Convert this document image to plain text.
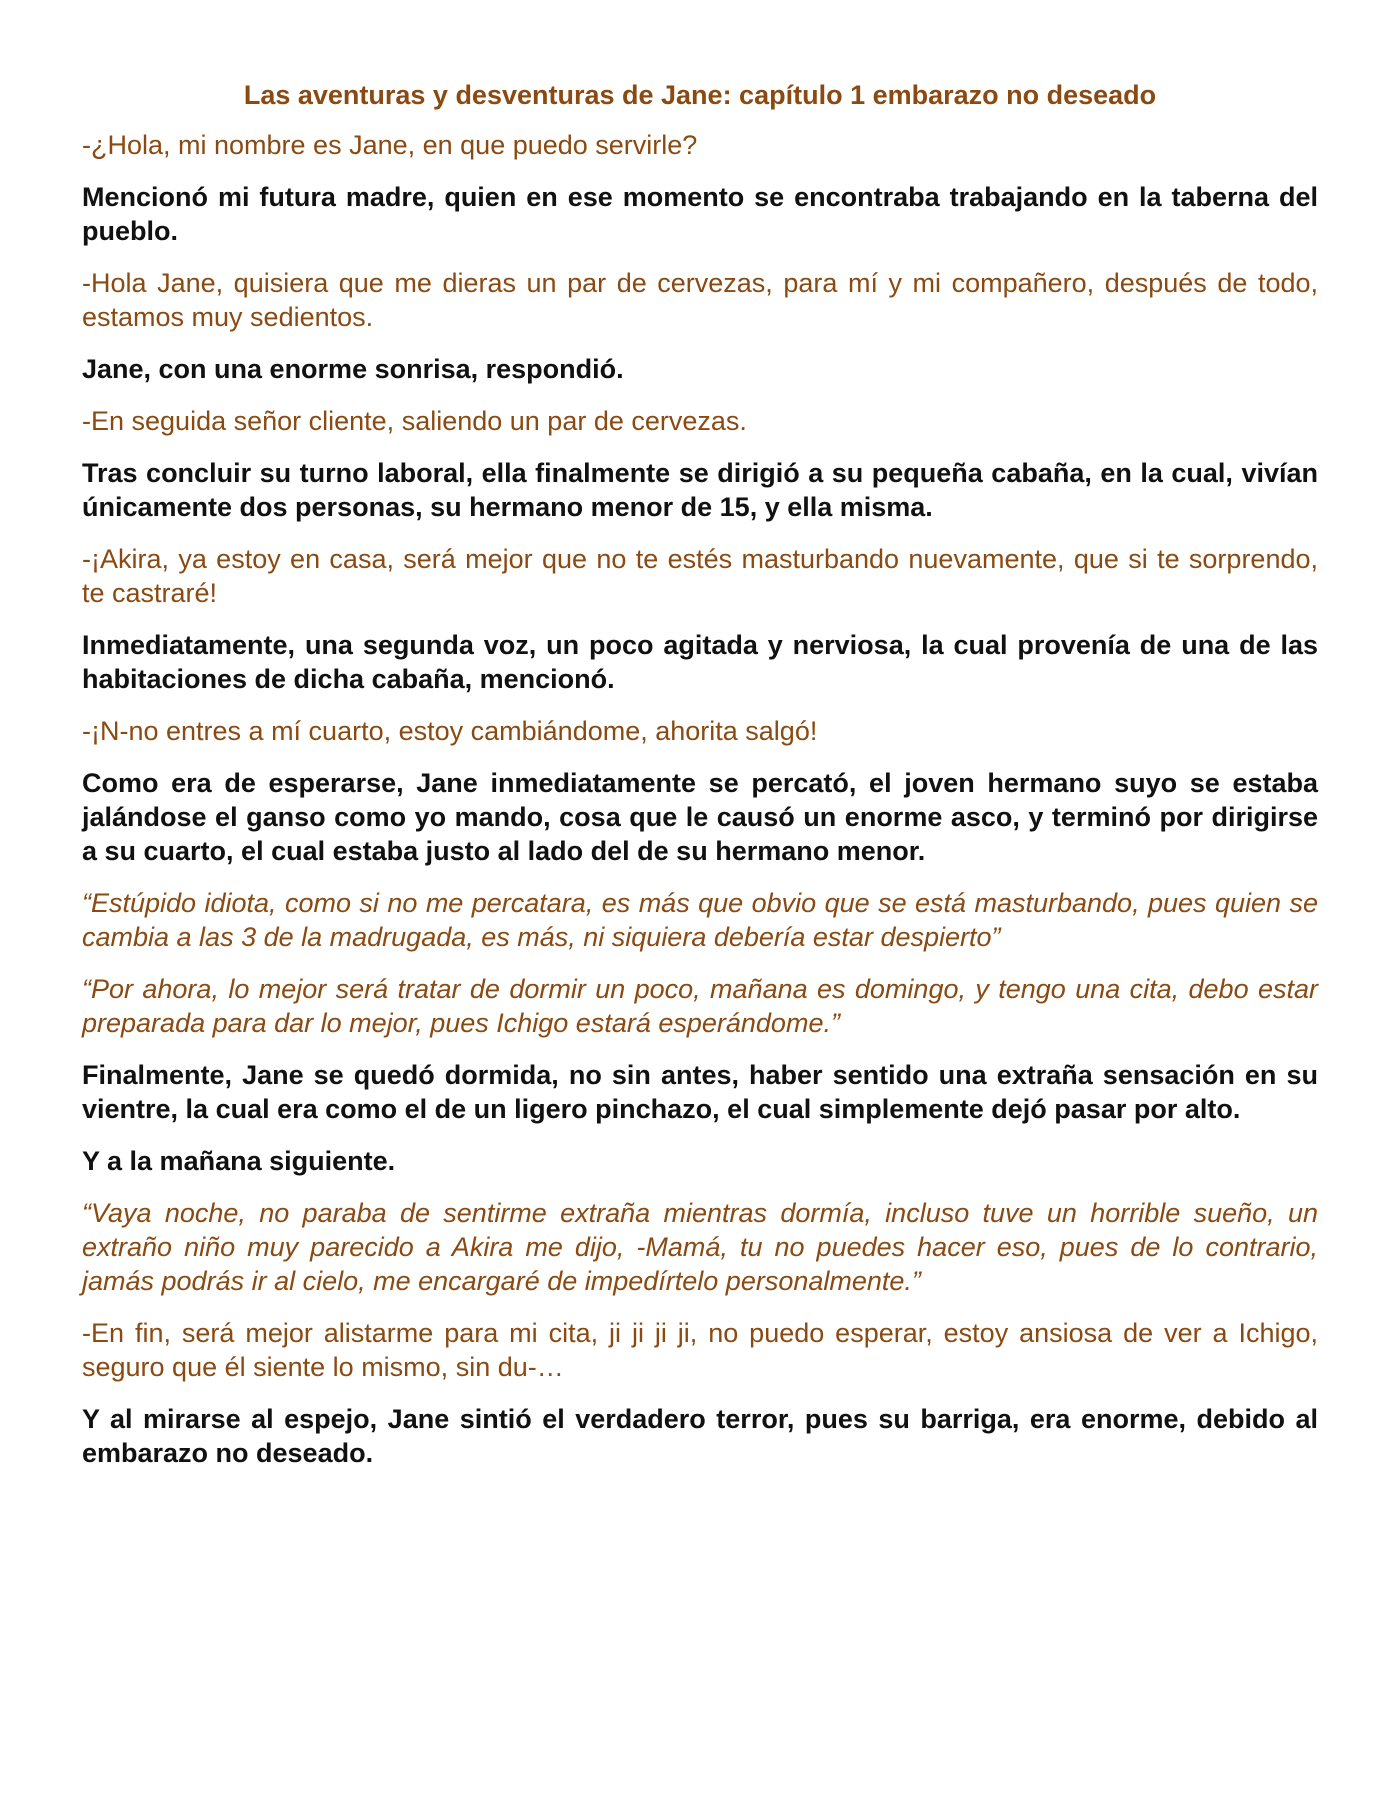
Las aventuras y desventuras de Jane: capítulo 1 embarazo no deseado

-¿Hola, mi nombre es Jane, en que puedo servirle?

Mencionó mi futura madre, quien en ese momento se encontraba trabajando en la taberna del pueblo.

-Hola Jane, quisiera que me dieras un par de cervezas, para mí y mi compañero, después de todo, estamos muy sedientos.

Jane, con una enorme sonrisa, respondió.

-En seguida señor cliente, saliendo un par de cervezas.

Tras concluir su turno laboral, ella finalmente se dirigió a su pequeña cabaña, en la cual, vivían únicamente dos personas, su hermano menor de 15, y ella misma.

-¡Akira, ya estoy en casa, será mejor que no te estés masturbando nuevamente, que si te sorprendo, te castraré!

Inmediatamente, una segunda voz, un poco agitada y nerviosa, la cual provenía de una de las habitaciones de dicha cabaña, mencionó.

-¡N-no entres a mí cuarto, estoy cambiándome, ahorita salgó!

Como era de esperarse, Jane inmediatamente se percató, el joven hermano suyo se estaba jalándose el ganso como yo mando, cosa que le causó un enorme asco, y terminó por dirigirse a su cuarto, el cual estaba justo al lado del de su hermano menor.

“Estúpido idiota, como si no me percatara, es más que obvio que se está masturbando, pues quien se cambia a las 3 de la madrugada, es más, ni siquiera debería estar despierto”

“Por ahora, lo mejor será tratar de dormir un poco, mañana es domingo, y tengo una cita, debo estar preparada para dar lo mejor, pues Ichigo estará esperándome.”

Finalmente, Jane se quedó dormida, no sin antes, haber sentido una extraña sensación en su vientre, la cual era como el de un ligero pinchazo, el cual simplemente dejó pasar por alto.

Y a la mañana siguiente.

“Vaya noche, no paraba de sentirme extraña mientras dormía, incluso tuve un horrible sueño, un extraño niño muy parecido a Akira me dijo, -Mamá, tu no puedes hacer eso, pues de lo contrario, jamás podrás ir al cielo, me encargaré de impedírtelo personalmente.”

-En fin, será mejor alistarme para mi cita, ji ji ji ji, no puedo esperar, estoy ansiosa de ver a Ichigo, seguro que él siente lo mismo, sin du-…

Y al mirarse al espejo, Jane sintió el verdadero terror, pues su barriga, era enorme, debido al embarazo no deseado.
